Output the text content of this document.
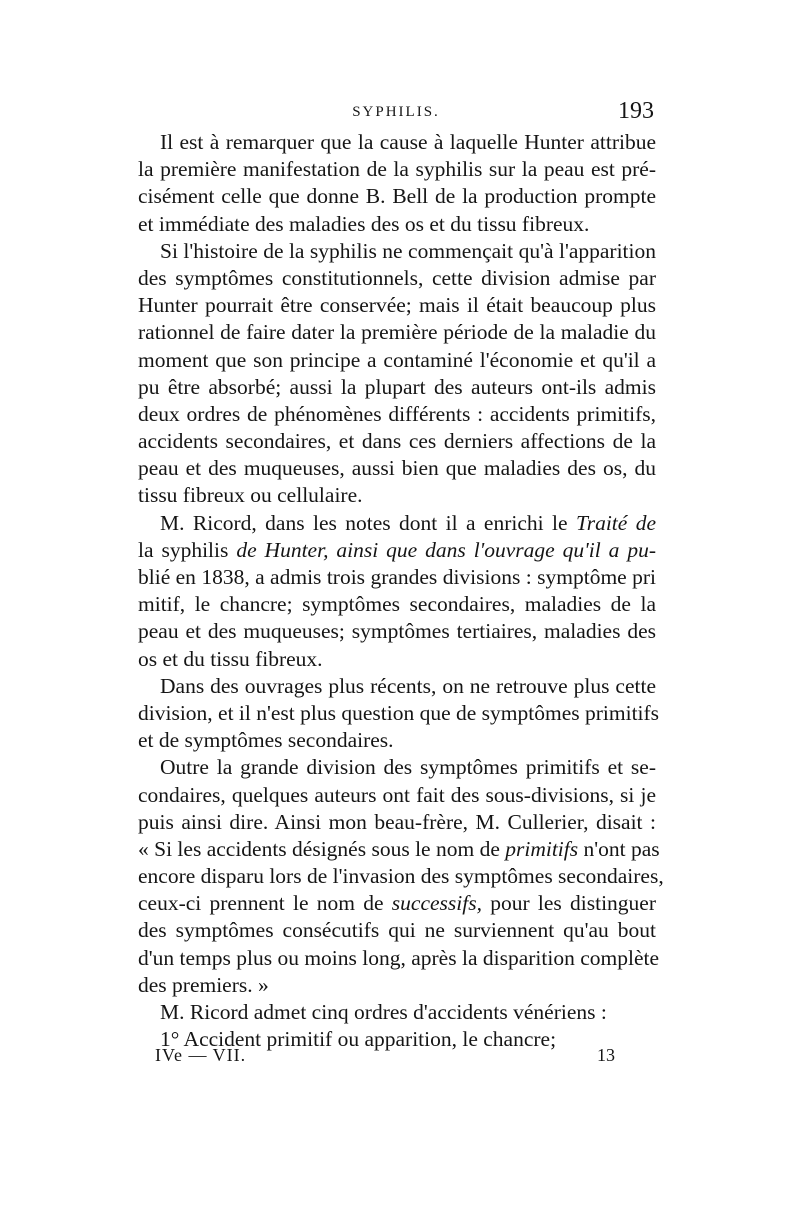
SYPHILIS.	193
Il est à remarquer que la cause à laquelle Hunter attribue
la première manifestation de la syphilis sur la peau est pré-
cisément celle que donne B. Bell de la production prompte
et immédiate des maladies des os et du tissu fibreux.
Si l'histoire de la syphilis ne commençait qu'à l'apparition
des symptômes constitutionnels, cette division admise par
Hunter pourrait être conservée; mais il était beaucoup plus
rationnel de faire dater la première période de la maladie du
moment que son principe a contaminé l'économie et qu'il a
pu être absorbé; aussi la plupart des auteurs ont-ils admis
deux ordres de phénomènes différents : accidents primitifs,
accidents secondaires, et dans ces derniers affections de la
peau et des muqueuses, aussi bien que maladies des os, du
tissu fibreux ou cellulaire.
M. Ricord, dans les notes dont il a enrichi le Traité de
la syphilis de Hunter, ainsi que dans l'ouvrage qu'il a pu-
blié en 1838, a admis trois grandes divisions : symptôme pri
mitif, le chancre; symptômes secondaires, maladies de la
peau et des muqueuses; symptômes tertiaires, maladies des
os et du tissu fibreux.
Dans des ouvrages plus récents, on ne retrouve plus cette
division, et il n'est plus question que de symptômes primitifs
et de symptômes secondaires.
Outre la grande division des symptômes primitifs et se-
condaires, quelques auteurs ont fait des sous-divisions, si je
puis ainsi dire. Ainsi mon beau-frère, M. Cullerier, disait :
« Si les accidents désignés sous le nom de primitifs n'ont pas
encore disparu lors de l'invasion des symptômes secondaires,
ceux-ci prennent le nom de successifs, pour les distinguer
des symptômes consécutifs qui ne surviennent qu'au bout
d'un temps plus ou moins long, après la disparition complète
des premiers. »
M. Ricord admet cinq ordres d'accidents vénériens :
1° Accident primitif ou apparition, le chancre;
IVe — VII.	13
